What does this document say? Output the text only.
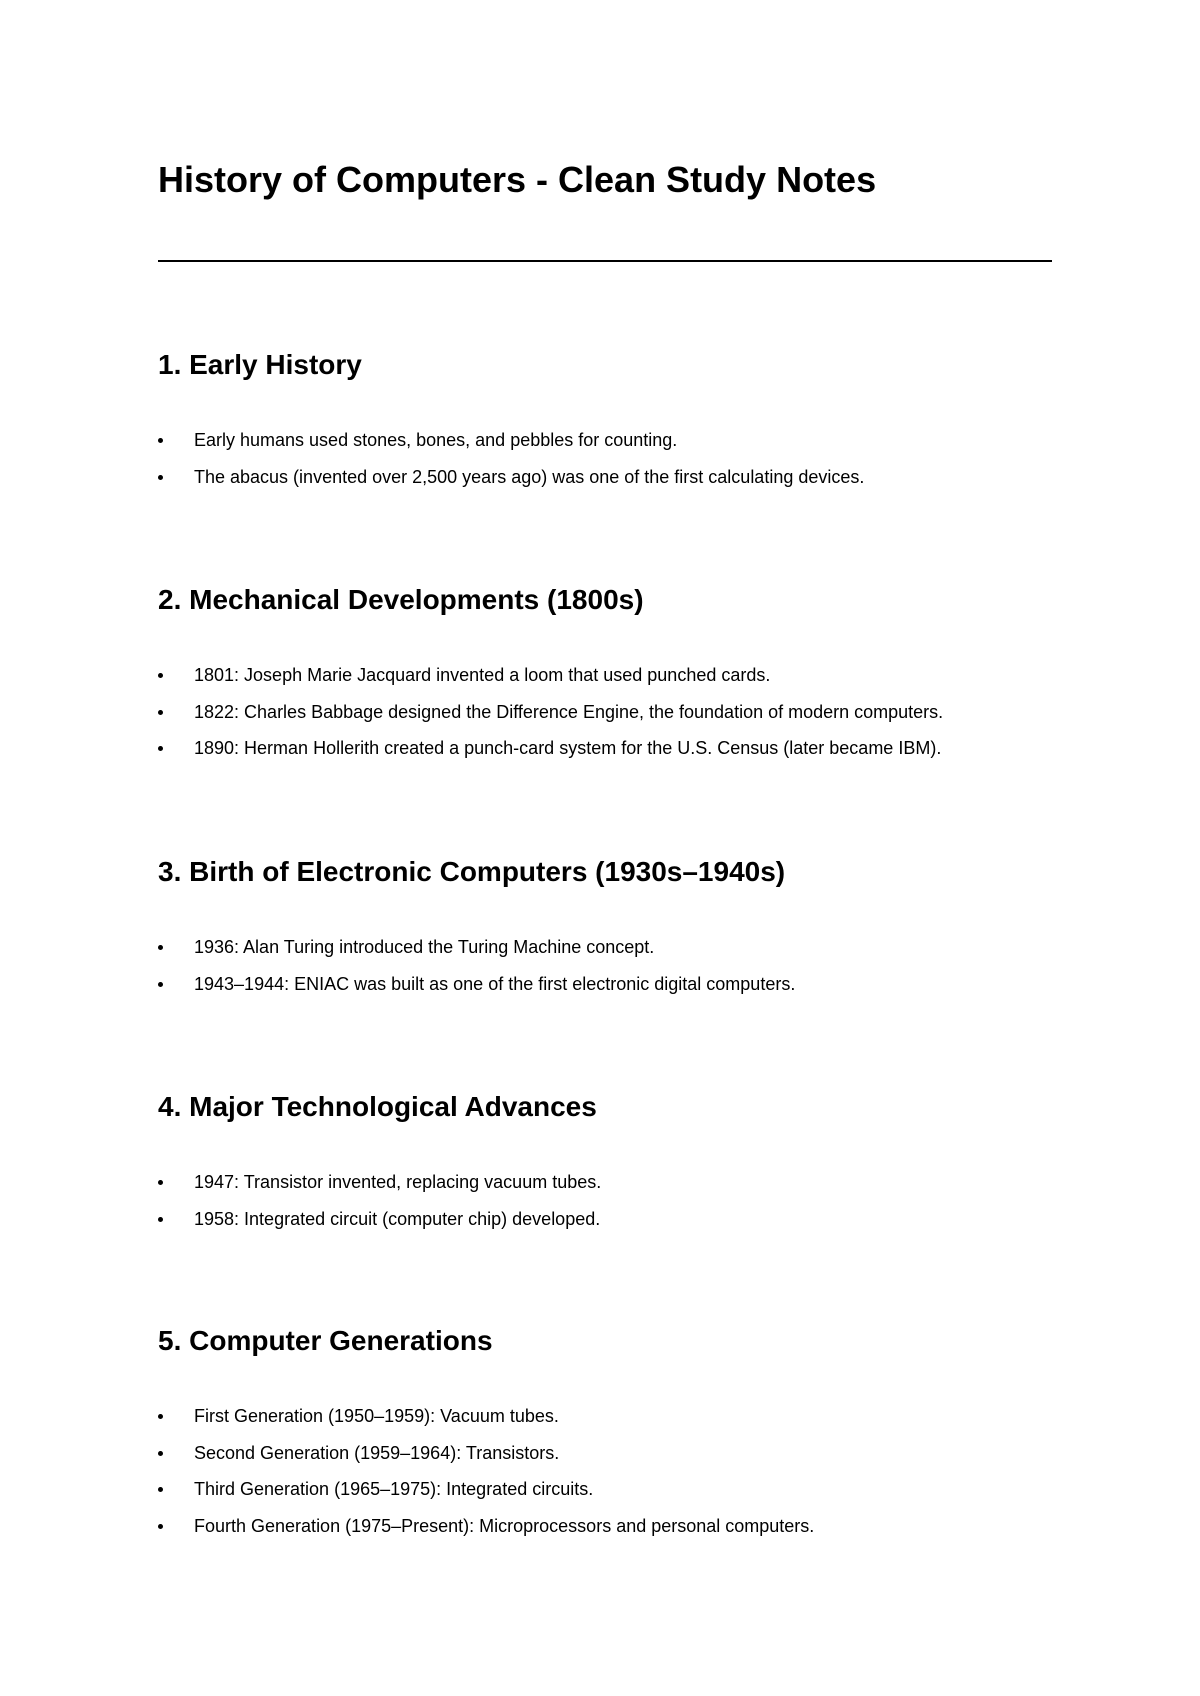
History of Computers - Clean Study Notes
1. Early History
Early humans used stones, bones, and pebbles for counting.
The abacus (invented over 2,500 years ago) was one of the first calculating devices.
2. Mechanical Developments (1800s)
1801: Joseph Marie Jacquard invented a loom that used punched cards.
1822: Charles Babbage designed the Difference Engine, the foundation of modern computers.
1890: Herman Hollerith created a punch-card system for the U.S. Census (later became IBM).
3. Birth of Electronic Computers (1930s–1940s)
1936: Alan Turing introduced the Turing Machine concept.
1943–1944: ENIAC was built as one of the first electronic digital computers.
4. Major Technological Advances
1947: Transistor invented, replacing vacuum tubes.
1958: Integrated circuit (computer chip) developed.
5. Computer Generations
First Generation (1950–1959): Vacuum tubes.
Second Generation (1959–1964): Transistors.
Third Generation (1965–1975): Integrated circuits.
Fourth Generation (1975–Present): Microprocessors and personal computers.
